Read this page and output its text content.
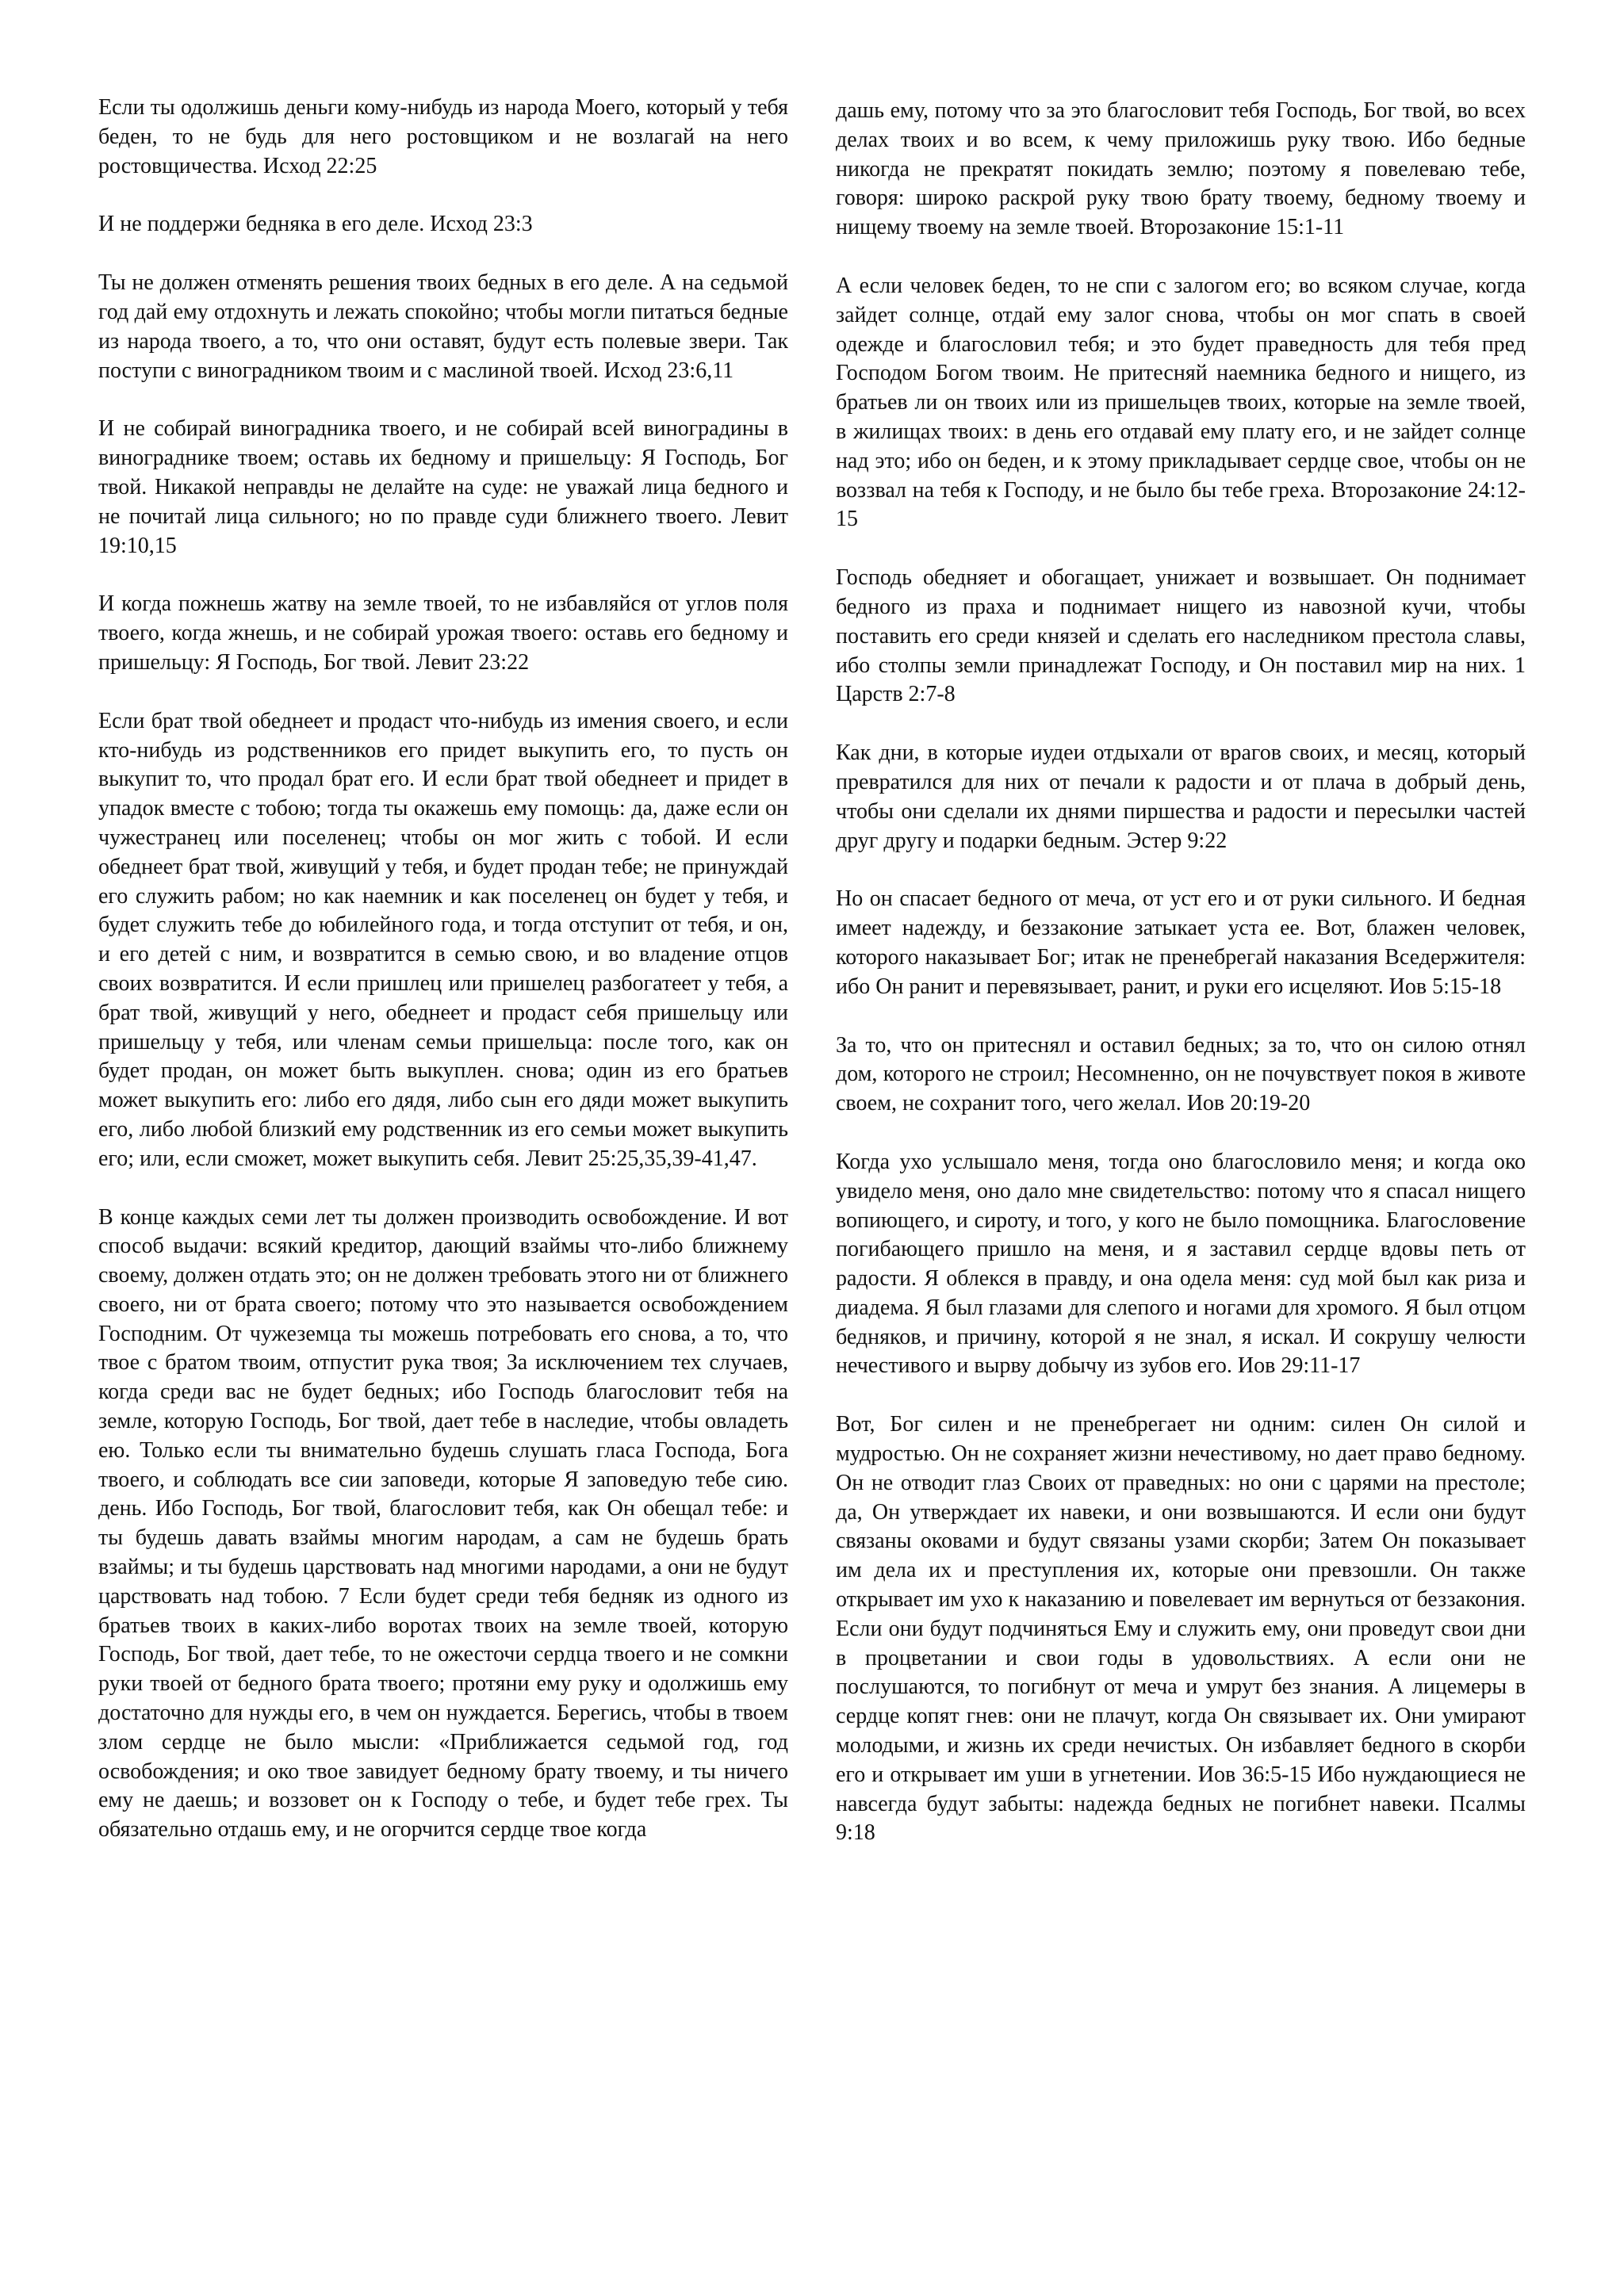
Если ты одолжишь деньги кому-нибудь из народа Моего, который у тебя беден, то не будь для него ростовщиком и не возлагай на него ростовщичества. Исход 22:25

И не поддержи бедняка в его деле. Исход 23:3

Ты не должен отменять решения твоих бедных в его деле. А на седьмой год дай ему отдохнуть и лежать спокойно; чтобы могли питаться бедные из народа твоего, а то, что они оставят, будут есть полевые звери. Так поступи с виноградником твоим и с маслиной твоей. Исход 23:6,11

И не собирай виноградника твоего, и не собирай всей виноградины в винограднике твоем; оставь их бедному и пришельцу: Я Господь, Бог твой. Никакой неправды не делайте на суде: не уважай лица бедного и не почитай лица сильного; но по правде суди ближнего твоего. Левит 19:10,15

И когда пожнешь жатву на земле твоей, то не избавляйся от углов поля твоего, когда жнешь, и не собирай урожая твоего: оставь его бедному и пришельцу: Я Господь, Бог твой. Левит 23:22

Если брат твой обеднеет и продаст что-нибудь из имения своего, и если кто-нибудь из родственников его придет выкупить его, то пусть он выкупит то, что продал брат его. И если брат твой обеднеет и придет в упадок вместе с тобою; тогда ты окажешь ему помощь: да, даже если он чужестранец или поселенец; чтобы он мог жить с тобой. И если обеднеет брат твой, живущий у тебя, и будет продан тебе; не принуждай его служить рабом; но как наемник и как поселенец он будет у тебя, и будет служить тебе до юбилейного года, и тогда отступит от тебя, и он, и его детей с ним, и возвратится в семью свою, и во владение отцов своих возвратится. И если пришлец или пришелец разбогатеет у тебя, а брат твой, живущий у него, обеднеет и продаст себя пришельцу или пришельцу у тебя, или членам семьи пришельца: после того, как он будет продан, он может быть выкуплен. снова; один из его братьев может выкупить его: либо его дядя, либо сын его дяди может выкупить его, либо любой близкий ему родственник из его семьи может выкупить его; или, если сможет, может выкупить себя. Левит 25:25,35,39-41,47.

В конце каждых семи лет ты должен производить освобождение. И вот способ выдачи: всякий кредитор, дающий взаймы что-либо ближнему своему, должен отдать это; он не должен требовать этого ни от ближнего своего, ни от брата своего; потому что это называется освобождением Господним. От чужеземца ты можешь потребовать его снова, а то, что твое с братом твоим, отпустит рука твоя; За исключением тех случаев, когда среди вас не будет бедных; ибо Господь благословит тебя на земле, которую Господь, Бог твой, дает тебе в наследие, чтобы овладеть ею. Только если ты внимательно будешь слушать гласа Господа, Бога твоего, и соблюдать все сии заповеди, которые Я заповедую тебе сию. день. Ибо Господь, Бог твой, благословит тебя, как Он обещал тебе: и ты будешь давать взаймы многим народам, а сам не будешь брать взаймы; и ты будешь царствовать над многими народами, а они не будут царствовать над тобою. 7 Если будет среди тебя бедняк из одного из братьев твоих в каких-либо воротах твоих на земле твоей, которую Господь, Бог твой, дает тебе, то не ожесточи сердца твоего и не сомкни руки твоей от бедного брата твоего; протяни ему руку и одолжишь ему достаточно для нужды его, в чем он нуждается. Берегись, чтобы в твоем злом сердце не было мысли: «Приближается седьмой год, год освобождения; и око твое завидует бедному брату твоему, и ты ничего ему не даешь; и воззовет он к Господу о тебе, и будет тебе грех. Ты обязательно отдашь ему, и не огорчится сердце твое когда

дашь ему, потому что за это благословит тебя Господь, Бог твой, во всех делах твоих и во всем, к чему приложишь руку твою. Ибо бедные никогда не прекратят покидать землю; поэтому я повелеваю тебе, говоря: широко раскрой руку твою брату твоему, бедному твоему и нищему твоему на земле твоей. Второзаконие 15:1-11

А если человек беден, то не спи с залогом его; во всяком случае, когда зайдет солнце, отдай ему залог снова, чтобы он мог спать в своей одежде и благословил тебя; и это будет праведность для тебя пред Господом Богом твоим. Не притесняй наемника бедного и нищего, из братьев ли он твоих или из пришельцев твоих, которые на земле твоей, в жилищах твоих: в день его отдавай ему плату его, и не зайдет солнце над это; ибо он беден, и к этому прикладывает сердце свое, чтобы он не воззвал на тебя к Господу, и не было бы тебе греха. Второзаконие 24:12-15

Господь обедняет и обогащает, унижает и возвышает. Он поднимает бедного из праха и поднимает нищего из навозной кучи, чтобы поставить его среди князей и сделать его наследником престола славы, ибо столпы земли принадлежат Господу, и Он поставил мир на них. 1 Царств 2:7-8

Как дни, в которые иудеи отдыхали от врагов своих, и месяц, который превратился для них от печали к радости и от плача в добрый день, чтобы они сделали их днями пиршества и радости и пересылки частей друг другу и подарки бедным. Эстер 9:22

Но он спасает бедного от меча, от уст его и от руки сильного. И бедная имеет надежду, и беззаконие затыкает уста ее. Вот, блажен человек, которого наказывает Бог; итак не пренебрегай наказания Вседержителя: ибо Он ранит и перевязывает, ранит, и руки его исцеляют. Иов 5:15-18

За то, что он притеснял и оставил бедных; за то, что он силою отнял дом, которого не строил; Несомненно, он не почувствует покоя в животе своем, не сохранит того, чего желал. Иов 20:19-20

Когда ухо услышало меня, тогда оно благословило меня; и когда око увидело меня, оно дало мне свидетельство: потому что я спасал нищего вопиющего, и сироту, и того, у кого не было помощника. Благословение погибающего пришло на меня, и я заставил сердце вдовы петь от радости. Я облекся в правду, и она одела меня: суд мой был как риза и диадема. Я был глазами для слепого и ногами для хромого. Я был отцом бедняков, и причину, которой я не знал, я искал. И сокрушу челюсти нечестивого и вырву добычу из зубов его. Иов 29:11-17

Вот, Бог силен и не пренебрегает ни одним: силен Он силой и мудростью. Он не сохраняет жизни нечестивому, но дает право бедному. Он не отводит глаз Своих от праведных: но они с царями на престоле; да, Он утверждает их навеки, и они возвышаются. И если они будут связаны оковами и будут связаны узами скорби; Затем Он показывает им дела их и преступления их, которые они превзошли. Он также открывает им ухо к наказанию и повелевает им вернуться от беззакония. Если они будут подчиняться Ему и служить ему, они проведут свои дни в процветании и свои годы в удовольствиях. А если они не послушаются, то погибнут от меча и умрут без знания. А лицемеры в сердце копят гнев: они не плачут, когда Он связывает их. Они умирают молодыми, и жизнь их среди нечистых. Он избавляет бедного в скорби его и открывает им уши в угнетении. Иов 36:5-15 Ибо нуждающиеся не навсегда будут забыты: надежда бедных не погибнет навеки. Псалмы 9:18
